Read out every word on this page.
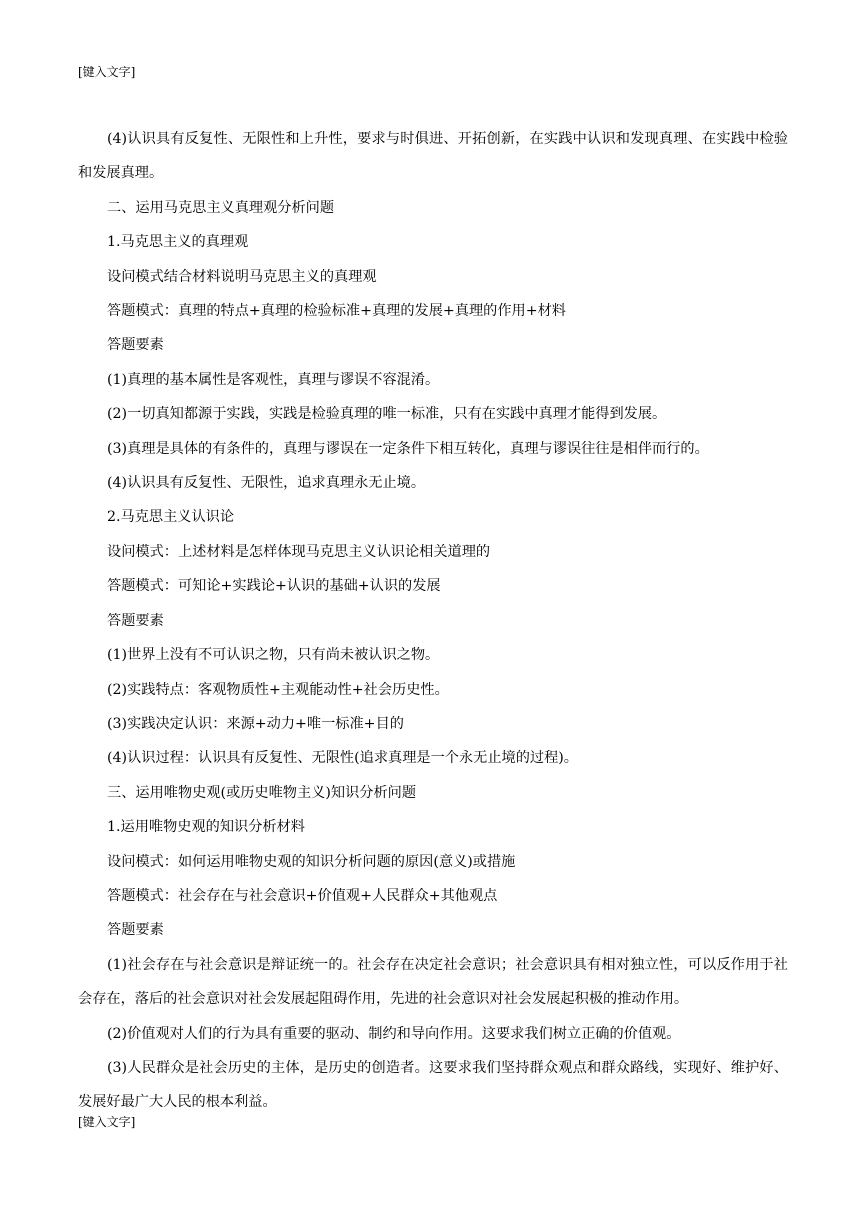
[键入文字]

(4)认识具有反复性、无限性和上升性，要求与时俱进、开拓创新，在实践中认识和发现真理、在实践中检验和发展真理。

二、运用马克思主义真理观分析问题

1.马克思主义的真理观

设问模式结合材料说明马克思主义的真理观

答题模式：真理的特点+真理的检验标准+真理的发展+真理的作用+材料

答题要素

(1)真理的基本属性是客观性，真理与谬误不容混淆。

(2)一切真知都源于实践，实践是检验真理的唯一标准，只有在实践中真理才能得到发展。

(3)真理是具体的有条件的，真理与谬误在一定条件下相互转化，真理与谬误往往是相伴而行的。

(4)认识具有反复性、无限性，追求真理永无止境。

2.马克思主义认识论

设问模式：上述材料是怎样体现马克思主义认识论相关道理的

答题模式：可知论+实践论+认识的基础+认识的发展

答题要素

(1)世界上没有不可认识之物，只有尚未被认识之物。

(2)实践特点：客观物质性+主观能动性+社会历史性。

(3)实践决定认识：来源+动力+唯一标准+目的

(4)认识过程：认识具有反复性、无限性(追求真理是一个永无止境的过程)。

三、运用唯物史观(或历史唯物主义)知识分析问题

1.运用唯物史观的知识分析材料

设问模式：如何运用唯物史观的知识分析问题的原因(意义)或措施

答题模式：社会存在与社会意识+价值观+人民群众+其他观点

答题要素

(1)社会存在与社会意识是辩证统一的。社会存在决定社会意识；社会意识具有相对独立性，可以反作用于社会存在，落后的社会意识对社会发展起阻碍作用，先进的社会意识对社会发展起积极的推动作用。

(2)价值观对人们的行为具有重要的驱动、制约和导向作用。这要求我们树立正确的价值观。

(3)人民群众是社会历史的主体，是历史的创造者。这要求我们坚持群众观点和群众路线，实现好、维护好、发展好最广大人民的根本利益。

[键入文字]
